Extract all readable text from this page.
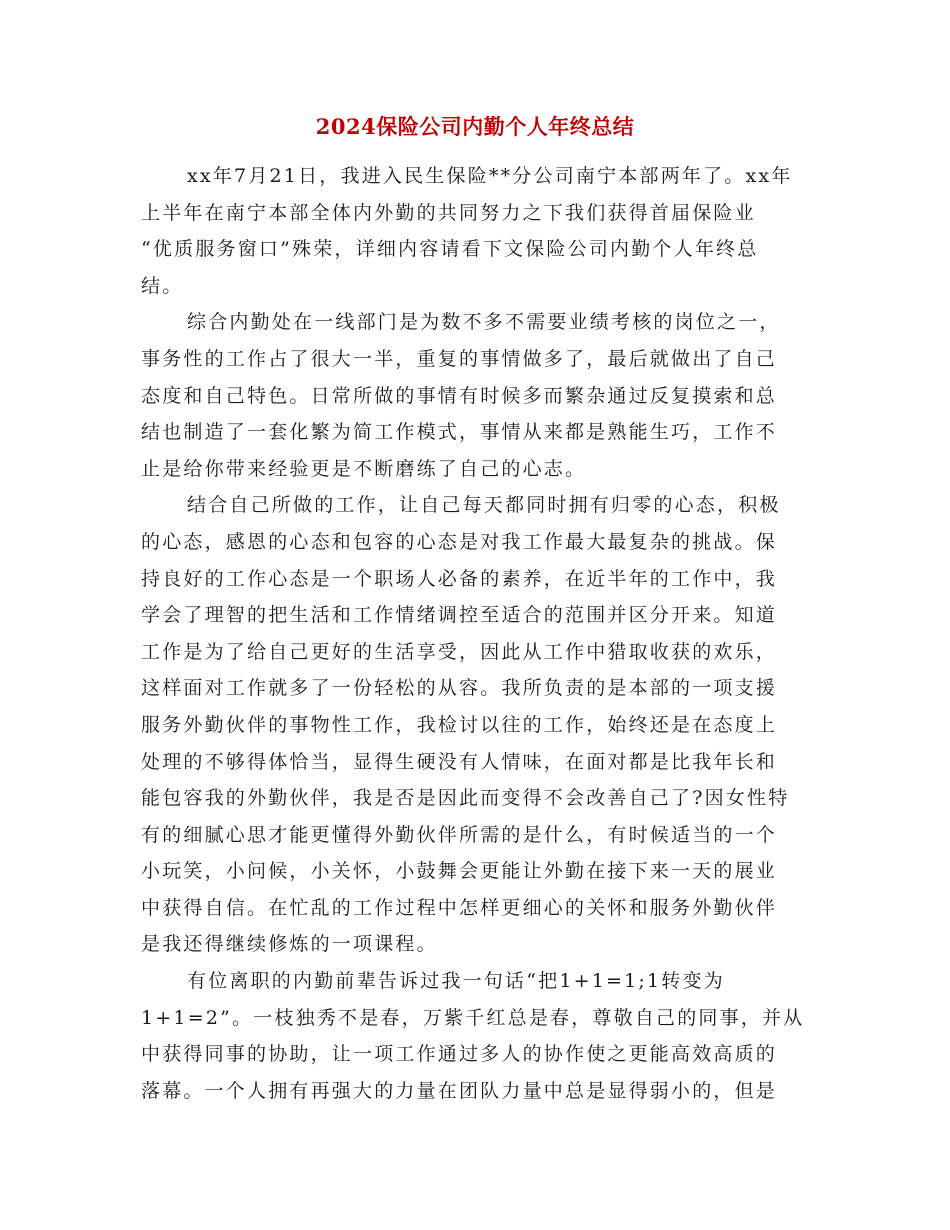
2024保险公司内勤个人年终总结
xx年7月21日，我进入民生保险**分公司南宁本部两年了。xx年
上半年在南宁本部全体内外勤的共同努力之下我们获得首届保险业
“优质服务窗口”殊荣，详细内容请看下文保险公司内勤个人年终总
结。
综合内勤处在一线部门是为数不多不需要业绩考核的岗位之一，
事务性的工作占了很大一半，重复的事情做多了，最后就做出了自己
态度和自己特色。日常所做的事情有时候多而繁杂通过反复摸索和总
结也制造了一套化繁为简工作模式，事情从来都是熟能生巧，工作不
止是给你带来经验更是不断磨练了自己的心志。
结合自己所做的工作，让自己每天都同时拥有归零的心态，积极
的心态，感恩的心态和包容的心态是对我工作最大最复杂的挑战。保
持良好的工作心态是一个职场人必备的素养，在近半年的工作中，我
学会了理智的把生活和工作情绪调控至适合的范围并区分开来。知道
工作是为了给自己更好的生活享受，因此从工作中猎取收获的欢乐，
这样面对工作就多了一份轻松的从容。我所负责的是本部的一项支援
服务外勤伙伴的事物性工作，我检讨以往的工作，始终还是在态度上
处理的不够得体恰当，显得生硬没有人情味，在面对都是比我年长和
能包容我的外勤伙伴，我是否是因此而变得不会改善自己了?因女性特
有的细腻心思才能更懂得外勤伙伴所需的是什么，有时候适当的一个
小玩笑，小问候，小关怀，小鼓舞会更能让外勤在接下来一天的展业
中获得自信。在忙乱的工作过程中怎样更细心的关怀和服务外勤伙伴
是我还得继续修炼的一项课程。
有位离职的内勤前辈告诉过我一句话“把1+1=1;1转变为
1+1=2”。一枝独秀不是春，万紫千红总是春，尊敬自己的同事，并从
中获得同事的协助，让一项工作通过多人的协作使之更能高效高质的
落幕。一个人拥有再强大的力量在团队力量中总是显得弱小的，但是
